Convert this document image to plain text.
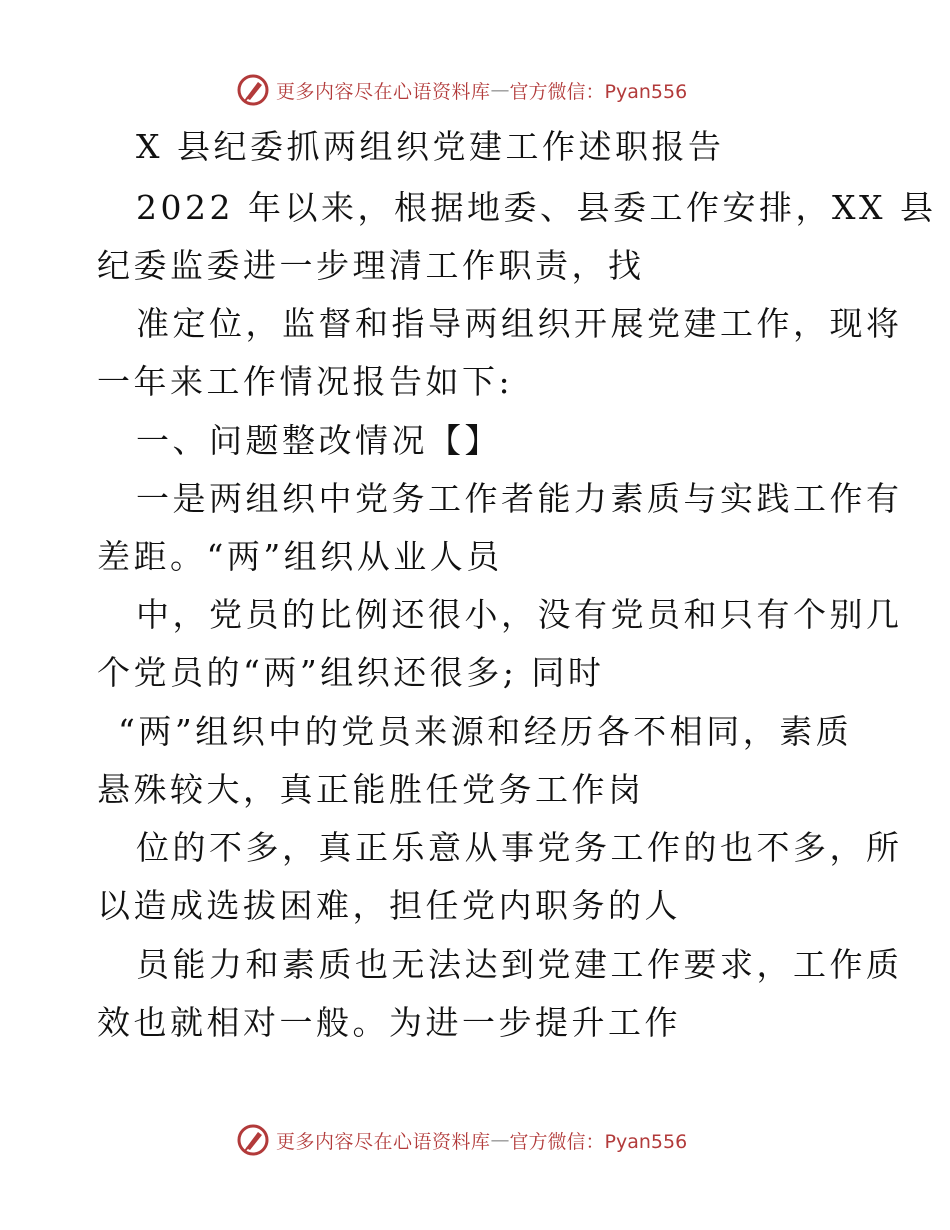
更多内容尽在心语资料库 — 官方微信：Pyan556
X 县纪委抓两组织党建工作述职报告
2022 年以来，根据地委、县委工作安排，XX 县
纪委监委进一步理清工作职责，找
准定位，监督和指导两组织开展党建工作，现将
一年来工作情况报告如下:
一、问题整改情况【】
一是两组织中党务工作者能力素质与实践工作有
差距。“两”组织从业人员
中，党员的比例还很小，没有党员和只有个别几
个党员的“两”组织还很多; 同时
“两”组织中的党员来源和经历各不相同，素质
悬殊较大，真正能胜任党务工作岗
位的不多，真正乐意从事党务工作的也不多，所
以造成选拔困难，担任党内职务的人
员能力和素质也无法达到党建工作要求，工作质
效也就相对一般。为进一步提升工作
更多内容尽在心语资料库 — 官方微信：Pyan556
